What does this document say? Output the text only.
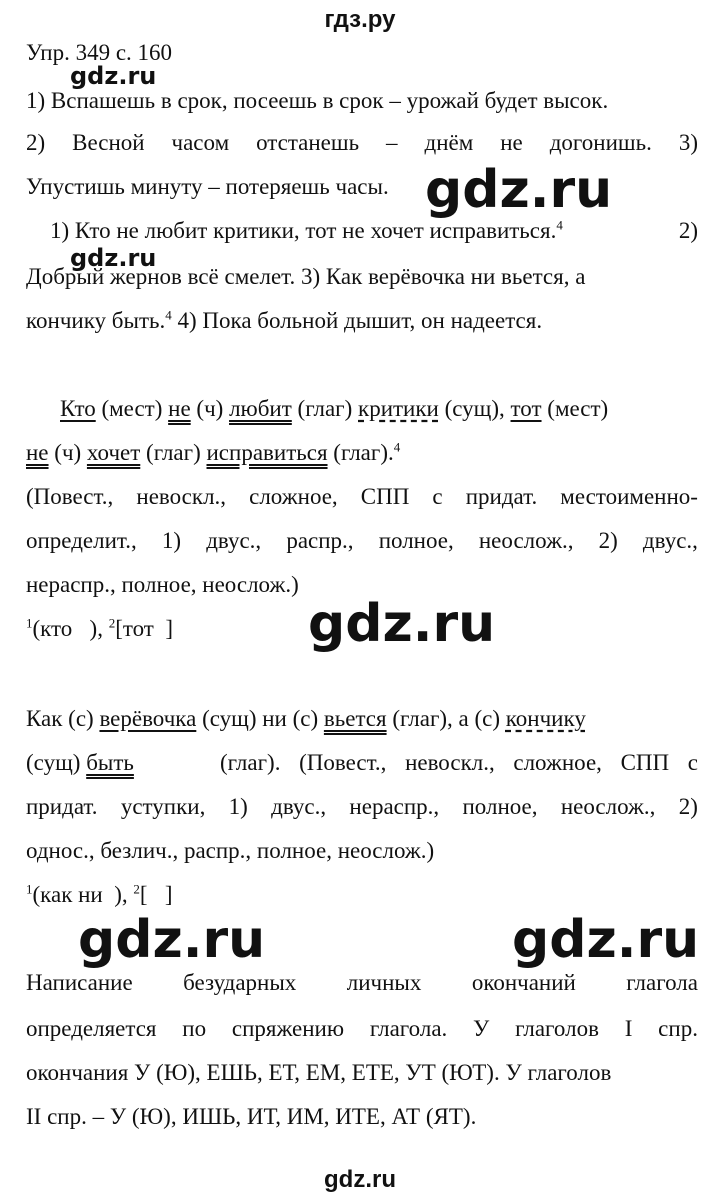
гдз.ру
Упр. 349 с. 160
gdz.ru
gdz.ru
gdz.ru
gdz.ru
gdz.ru	gdz.ru
1) Вспашешь в срок, посеешь в срок – урожай будет высок.
2) Весной часом отстанешь – днём не догонишь. 3)
Упустишь минуту – потеряешь часы.
1) Кто не любит критики, тот не хочет исправиться.$^4$	2)
Добрый жернов всё смелет. 3) Как верёвочка ни вьется, а
кончику быть.$^4$ 4) Пока больной дышит, он надеется.
Кто (мест) не (ч) любит (глаг) критики (сущ), тот (мест)
не (ч) хочет (глаг) исправиться (глаг).$^4$
(Повест., невоскл., сложное, СПП с придат. местоименно-
определит., 1) двус., распр., полное, неослож., 2) двус.,
нераспр., полное, неослож.)
$^1$(кто   ), $^2$[тот  ]
Как (с) верёвочка (сущ) ни (с) вьется (глаг), а (с) кончику
(сущ) быть	(глаг). (Повест., невоскл., сложное, СПП с
придат. уступки, 1) двус., нераспр., полное, неослож., 2)
однос., безлич., распр., полное, неослож.)
$^1$(как ни  ), $^2$[   ]
Написание безударных личных окончаний глагола
определяется по спряжению глагола. У глаголов I спр.
окончания У (Ю), ЕШЬ, ЕТ, ЕМ, ЕТЕ, УТ (ЮТ). У глаголов
II спр. – У (Ю), ИШЬ, ИТ, ИМ, ИТЕ, АТ (ЯТ).
gdz.ru
